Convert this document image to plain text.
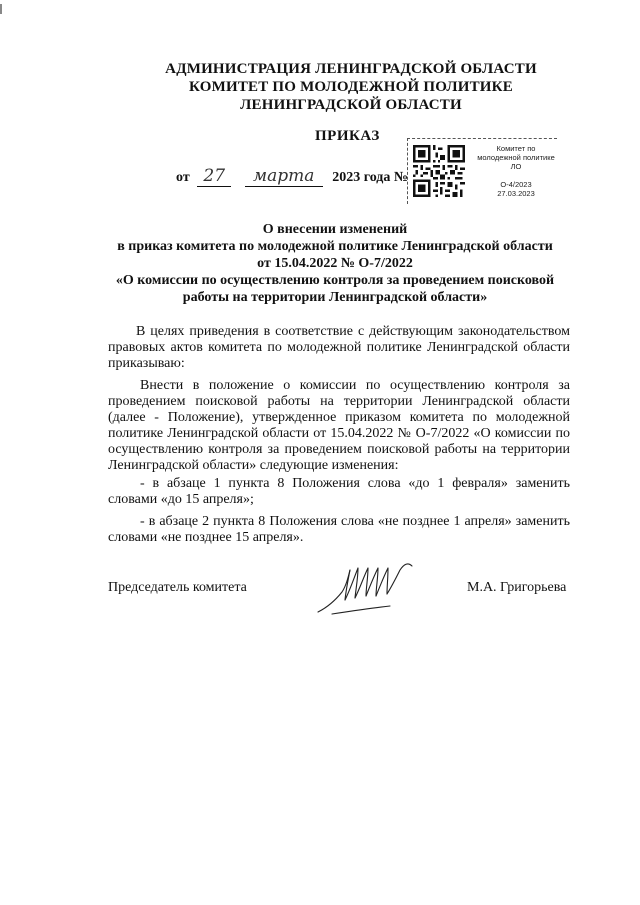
АДМИНИСТРАЦИЯ ЛЕНИНГРАДСКОЙ ОБЛАСТИ
КОМИТЕТ ПО МОЛОДЕЖНОЙ ПОЛИТИКЕ
ЛЕНИНГРАДСКОЙ ОБЛАСТИ
ПРИКАЗ
от 27 марта 2023 года №
Комитет по
молодежной политике
ЛО
О-4/2023
27.03.2023
О внесении изменений
в приказ комитета по молодежной политике Ленинградской области
от 15.04.2022 № О-7/2022
«О комиссии по осуществлению контроля за проведением поисковой
работы на территории Ленинградской области»

В целях приведения в соответствие с действующим законодательством правовых актов комитета по молодежной политике Ленинградской области приказываю:

Внести в положение о комиссии по осуществлению контроля за проведением поисковой работы на территории Ленинградской области (далее - Положение), утвержденное приказом комитета по молодежной политике Ленинградской области от 15.04.2022 № О-7/2022 «О комиссии по осуществлению контроля за проведением поисковой работы на территории Ленинградской области» следующие изменения:

- в абзаце 1 пункта 8 Положения слова «до 1 февраля» заменить словами «до 15 апреля»;

- в абзаце 2 пункта 8 Положения слова «не позднее 1 апреля» заменить словами «не позднее 15 апреля».

Председатель комитета	М.А. Григорьева
